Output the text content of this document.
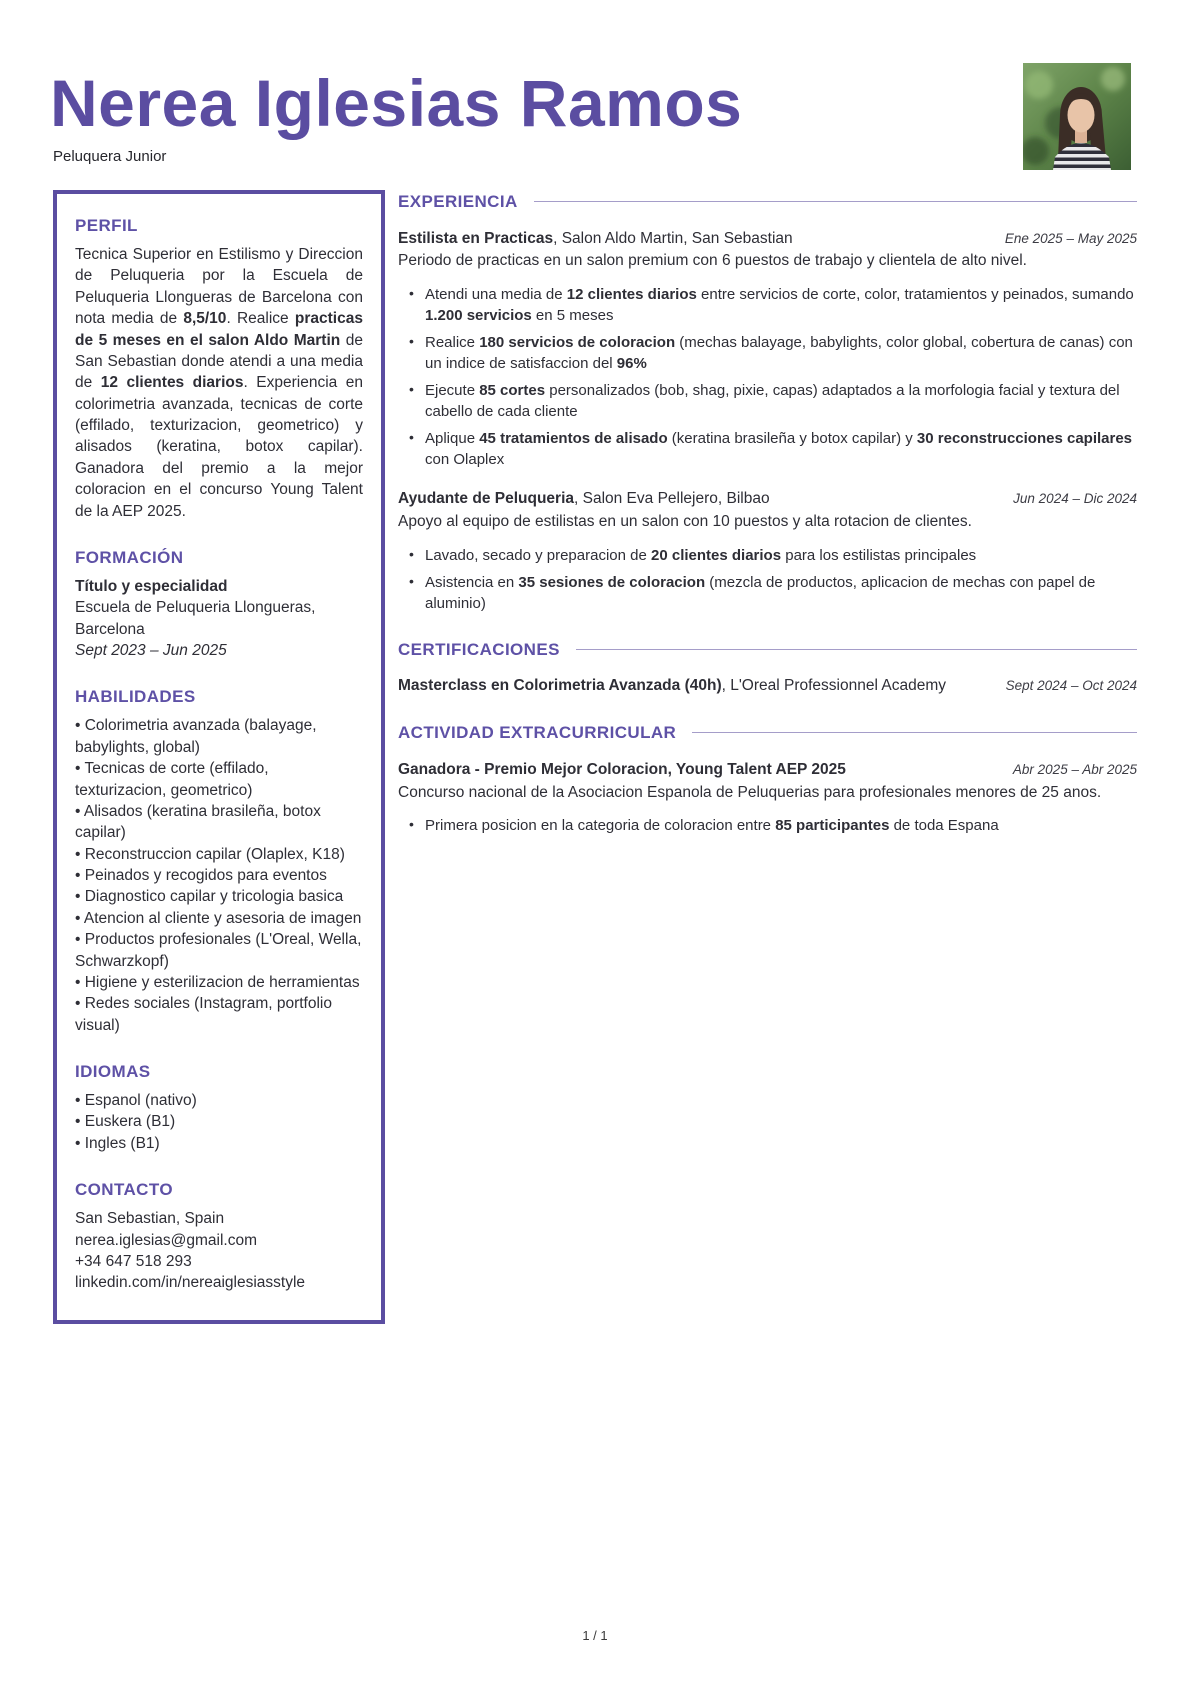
Nerea Iglesias Ramos
Peluquera Junior
PERFIL

Tecnica Superior en Estilismo y Direccion de Peluqueria por la Escuela de Peluqueria Llongueras de Barcelona con nota media de 8,5/10. Realice practicas de 5 meses en el salon Aldo Martin de San Sebastian donde atendi a una media de 12 clientes diarios. Experiencia en colorimetria avanzada, tecnicas de corte (effilado, texturizacion, geometrico) y alisados (keratina, botox capilar). Ganadora del premio a la mejor coloracion en el concurso Young Talent de la AEP 2025.

FORMACIÓN
Título y especialidad
Escuela de Peluqueria Llongueras, Barcelona
Sept 2023 – Jun 2025
HABILIDADES
• Colorimetria avanzada (balayage, babylights, global)
• Tecnicas de corte (effilado, texturizacion, geometrico)
• Alisados (keratina brasileña, botox capilar)
• Reconstruccion capilar (Olaplex, K18)
• Peinados y recogidos para eventos
• Diagnostico capilar y tricologia basica
• Atencion al cliente y asesoria de imagen
• Productos profesionales (L'Oreal, Wella, Schwarzkopf)
• Higiene y esterilizacion de herramientas
• Redes sociales (Instagram, portfolio visual)
IDIOMAS
• Espanol (nativo)
• Euskera (B1)
• Ingles (B1)
CONTACTO
San Sebastian, Spain
nerea.iglesias@gmail.com
+34 647 518 293
linkedin.com/in/nereaiglesiasstyle
EXPERIENCIA
Estilista en Practicas, Salon Aldo Martin, San Sebastian	Ene 2025 – May 2025

Periodo de practicas en un salon premium con 6 puestos de trabajo y clientela de alto nivel.

• Atendi una media de 12 clientes diarios entre servicios de corte, color, tratamientos y peinados, sumando 1.200 servicios en 5 meses
• Realice 180 servicios de coloracion (mechas balayage, babylights, color global, cobertura de canas) con un indice de satisfaccion del 96%
• Ejecute 85 cortes personalizados (bob, shag, pixie, capas) adaptados a la morfologia facial y textura del cabello de cada cliente
• Aplique 45 tratamientos de alisado (keratina brasileña y botox capilar) y 30 reconstrucciones capilares con Olaplex
Ayudante de Peluqueria, Salon Eva Pellejero, Bilbao	Jun 2024 – Dic 2024

Apoyo al equipo de estilistas en un salon con 10 puestos y alta rotacion de clientes.

• Lavado, secado y preparacion de 20 clientes diarios para los estilistas principales
• Asistencia en 35 sesiones de coloracion (mezcla de productos, aplicacion de mechas con papel de aluminio)
CERTIFICACIONES
Masterclass en Colorimetria Avanzada (40h), L'Oreal Professionnel Academy	Sept 2024 – Oct 2024
ACTIVIDAD EXTRACURRICULAR
Ganadora - Premio Mejor Coloracion, Young Talent AEP 2025	Abr 2025 – Abr 2025

Concurso nacional de la Asociacion Espanola de Peluquerias para profesionales menores de 25 anos.

• Primera posicion en la categoria de coloracion entre 85 participantes de toda Espana
1 / 1
